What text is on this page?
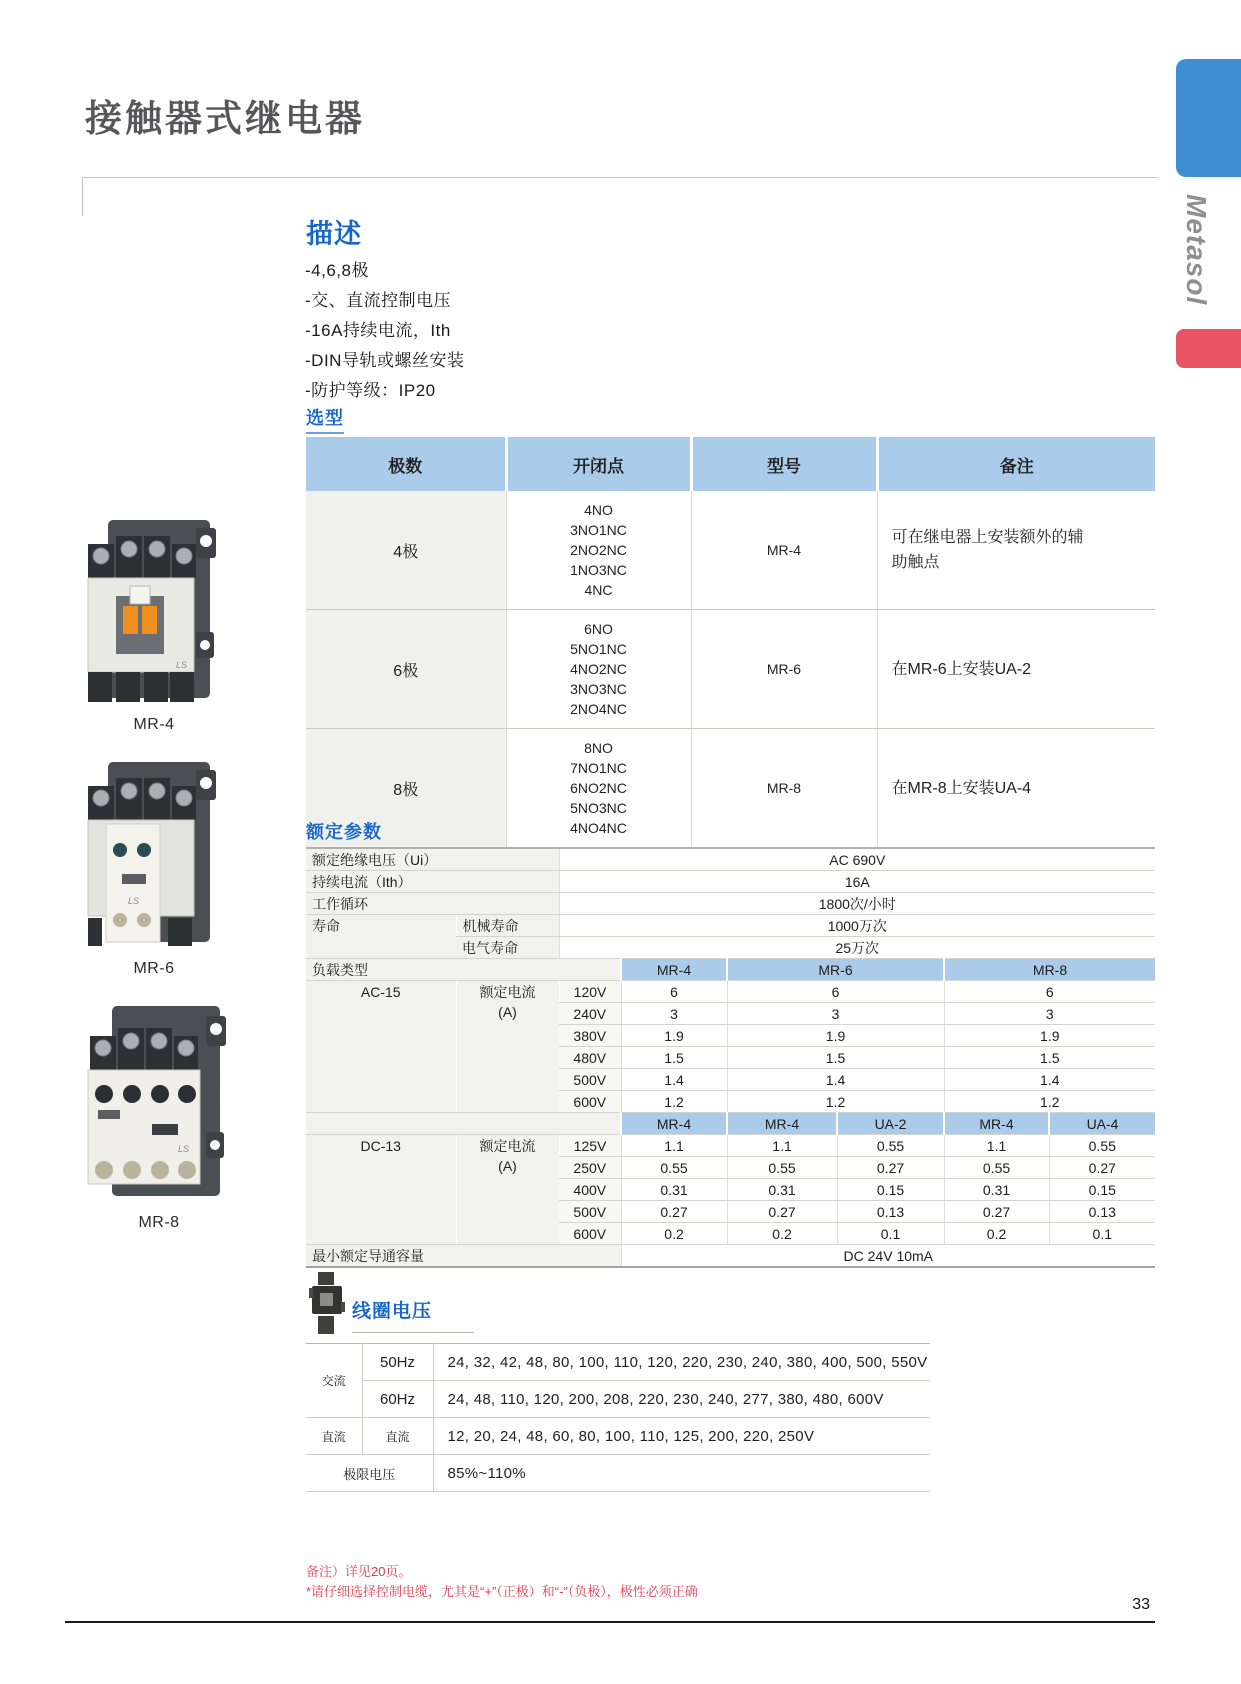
接触器式继电器
Metasol
LS
MR-4
LS
MR-6
LS
MR-8
描述
-4,6,8极
-交、直流控制电压
-16A持续电流，Ith
-DIN导轨或螺丝安装
-防护等级：IP20
选型
极数	开闭点	型号	备注
4极	4NO
3NO1NC
2NO2NC
1NO3NC
4NC	MR-4	可在继电器上安装额外的辅助触点
6极	6NO
5NO1NC
4NO2NC
3NO3NC
2NO4NC	MR-6	在MR-6上安装UA-2
8极	8NO
7NO1NC
6NO2NC
5NO3NC
4NO4NC	MR-8	在MR-8上安装UA-4
额定参数
额定绝缘电压（Ui）		AC 690V					
持续电流（Ith）		16A					
工作循环		1800次/小时					
寿命	机械寿命	1000万次					
	电气寿命	25万次					
负载类型			MR-4	MR-6		MR-8	
AC-15	额定电流
(A)	120V	6	6		6	
		240V	3	3		3	
		380V	1.9	1.9		1.9	
		480V	1.5	1.5		1.5	
		500V	1.4	1.4		1.4	
		600V	1.2	1.2		1.2	
			MR-4	MR-4	UA-2	MR-4	UA-4
DC-13	额定电流
(A)	125V	1.1	1.1	0.55	1.1	0.55
		250V	0.55	0.55	0.27	0.55	0.27
		400V	0.31	0.31	0.15	0.31	0.15
		500V	0.27	0.27	0.13	0.27	0.13
		600V	0.2	0.2	0.1	0.2	0.1
最小额定导通容量			DC 24V 10mA				
线圈电压
交流	50Hz	24, 32, 42, 48, 80, 100, 110, 120, 220, 230, 240, 380, 400, 500, 550V
	60Hz	24, 48, 110, 120, 200, 208, 220, 230, 240, 277, 380, 480, 600V
直流	直流	12, 20, 24, 48, 60, 80, 100, 110, 125, 200, 220, 250V
极限电压		85%~110%
备注）详见20页。
*请仔细选择控制电缆，尤其是“+”（正极）和“-”（负极），极性必须正确
33
